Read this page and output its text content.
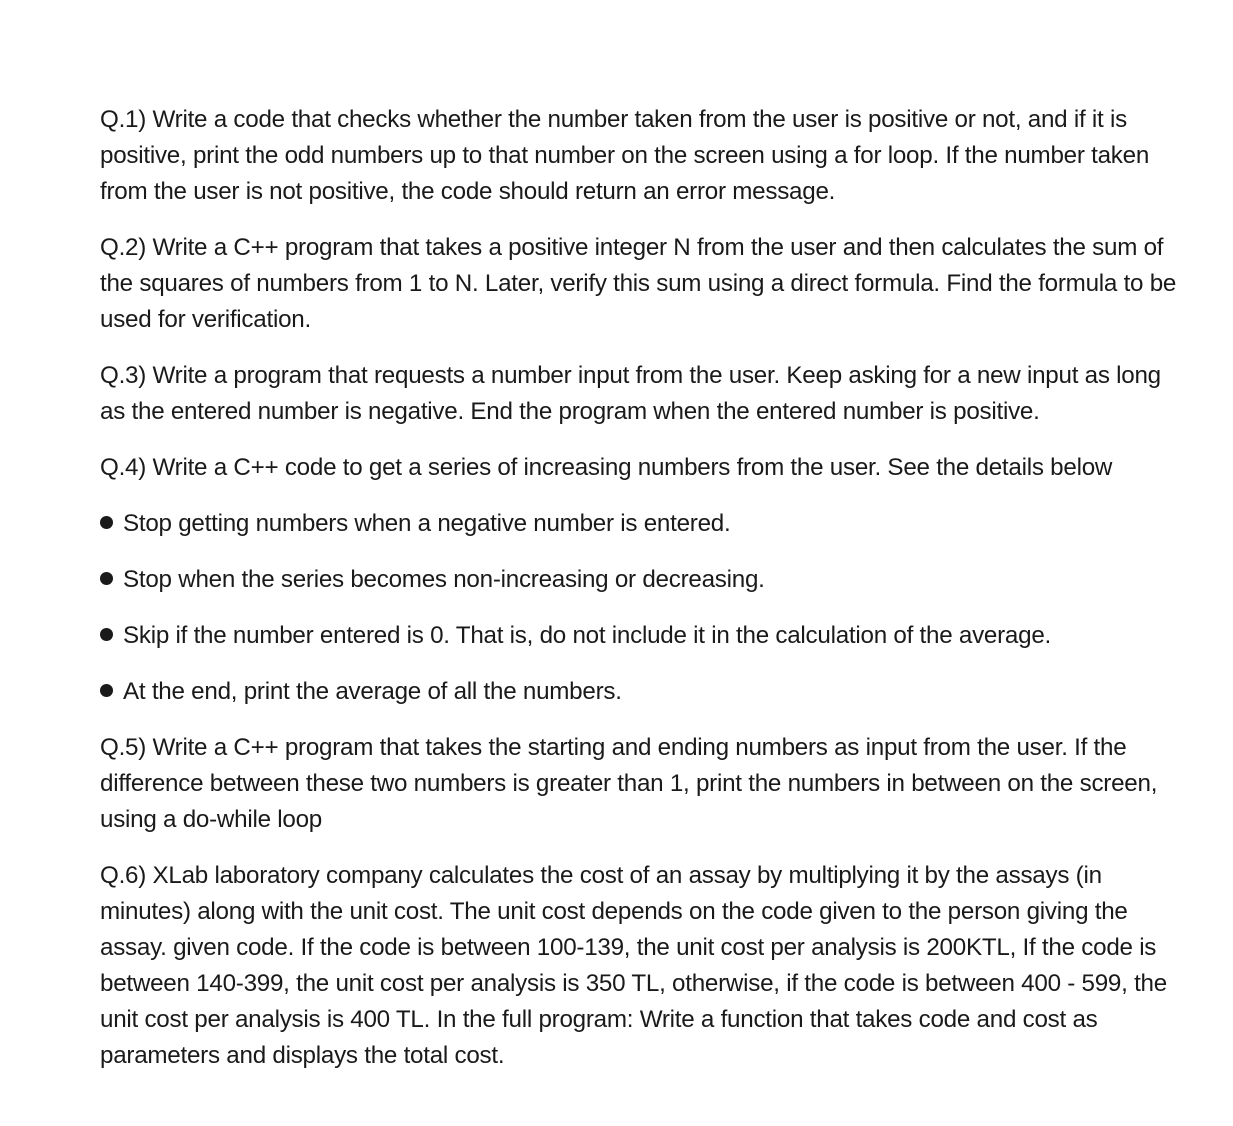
Q.1) Write a code that checks whether the number taken from the user is positive or not, and if it is positive, print the odd numbers up to that number on the screen using a for loop. If the number taken from the user is not positive, the code should return an error message.

Q.2) Write a C++ program that takes a positive integer N from the user and then calculates the sum of the squares of numbers from 1 to N. Later, verify this sum using a direct formula. Find the formula to be used for verification.

Q.3) Write a program that requests a number input from the user. Keep asking for a new input as long as the entered number is negative. End the program when the entered number is positive.

Q.4) Write a C++ code to get a series of increasing numbers from the user. See the details below

Stop getting numbers when a negative number is entered.
Stop when the series becomes non-increasing or decreasing.
Skip if the number entered is 0. That is, do not include it in the calculation of the average.
At the end, print the average of all the numbers.

Q.5) Write a C++ program that takes the starting and ending numbers as input from the user. If the difference between these two numbers is greater than 1, print the numbers in between on the screen, using a do-while loop

Q.6) XLab laboratory company calculates the cost of an assay by multiplying it by the assays (in minutes) along with the unit cost. The unit cost depends on the code given to the person giving the assay. given code. If the code is between 100-139, the unit cost per analysis is 200KTL, If the code is between 140-399, the unit cost per analysis is 350 TL, otherwise, if the code is between 400 - 599, the unit cost per analysis is 400 TL. In the full program: Write a function that takes code and cost as parameters and displays the total cost.
